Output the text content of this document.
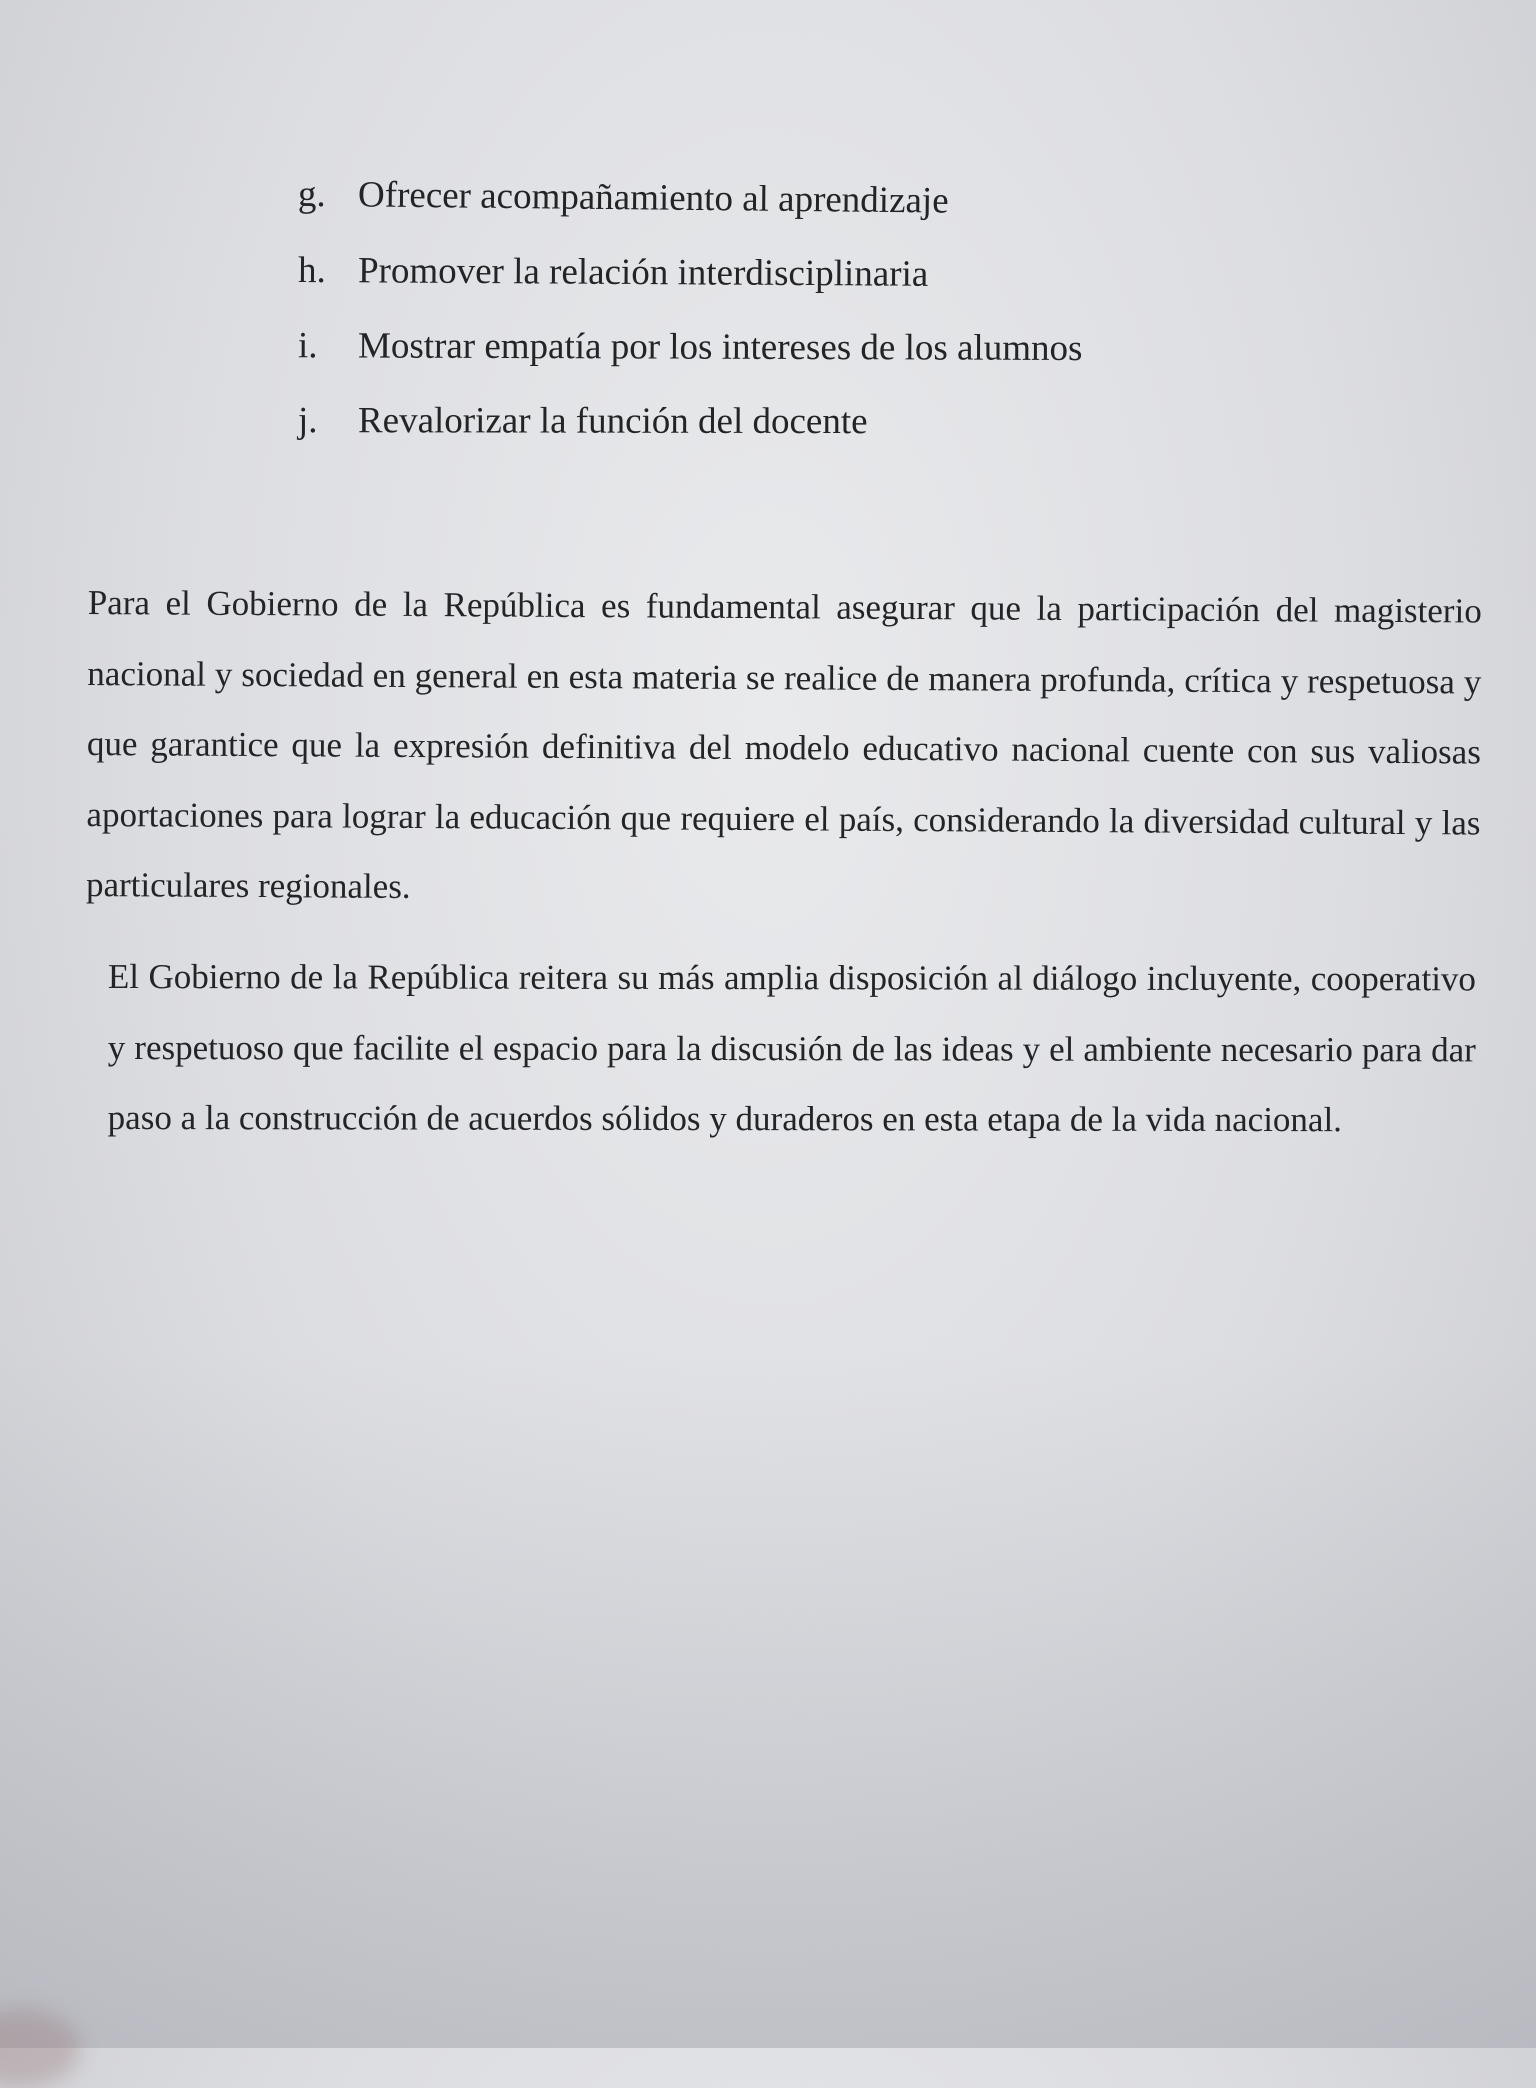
g. Ofrecer acompañamiento al aprendizaje
h. Promover la relación interdisciplinaria
i.	Mostrar empatía por los intereses de los alumnos
j.	Revalorizar la función del docente

Para el Gobierno de la República es fundamental asegurar que la participación del magisterio nacional y sociedad en general en esta materia se realice de manera profunda, crítica y respetuosa y que garantice que la expresión definitiva del modelo educativo nacional cuente con sus valiosas aportaciones para lograr la educación que requiere el país, considerando la diversidad cultural y las particulares regionales.

El Gobierno de la República reitera su más amplia disposición al diálogo incluyente, cooperativo y respetuoso que facilite el espacio para la discusión de las ideas y el ambiente necesario para dar paso a la construcción de acuerdos sólidos y duraderos en esta etapa de la vida nacional.
